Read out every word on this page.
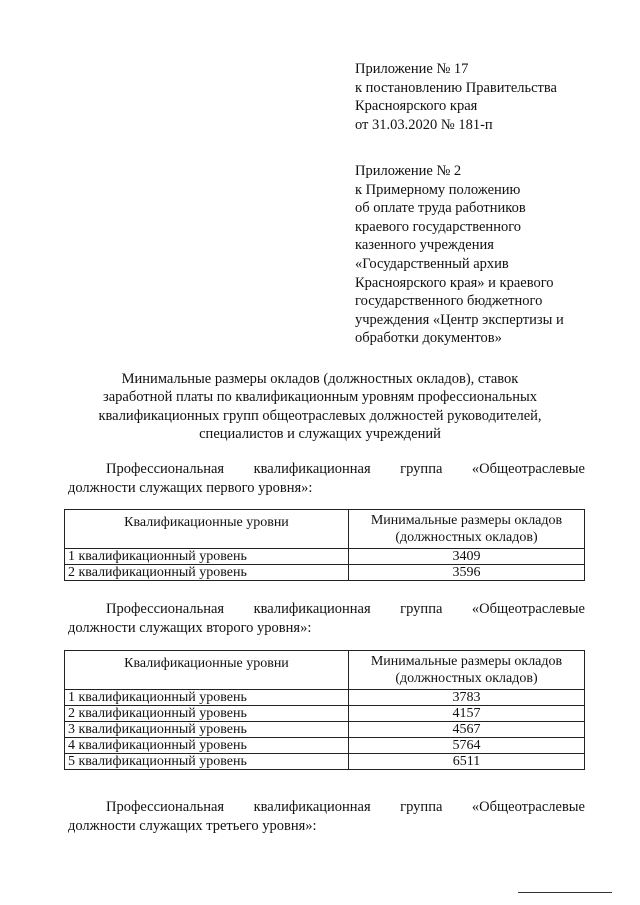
Приложение № 17
к постановлению Правительства
Красноярского края
от 31.03.2020 № 181-п
Приложение № 2
к Примерному положению
об оплате труда работников
краевого государственного
казенного учреждения
«Государственный архив
Красноярского края» и краевого
государственного бюджетного
учреждения «Центр экспертизы и
обработки документов»
Минимальные размеры окладов (должностных окладов), ставок
заработной платы по квалификационным уровням профессиональных
квалификационных групп общеотраслевых должностей руководителей,
специалистов и служащих учреждений
Профессиональная квалификационная группа «Общеотраслевые
должности служащих первого уровня»:
Квалификационные уровни	Минимальные размеры окладов
(должностных окладов)

1 квалификационный уровень	3409
2 квалификационный уровень	3596
Профессиональная квалификационная группа «Общеотраслевые
должности служащих второго уровня»:
Квалификационные уровни	Минимальные размеры окладов
(должностных окладов)

1 квалификационный уровень	3783
2 квалификационный уровень	4157
3 квалификационный уровень	4567
4 квалификационный уровень	5764
5 квалификационный уровень	6511
Профессиональная квалификационная группа «Общеотраслевые
должности служащих третьего уровня»:
